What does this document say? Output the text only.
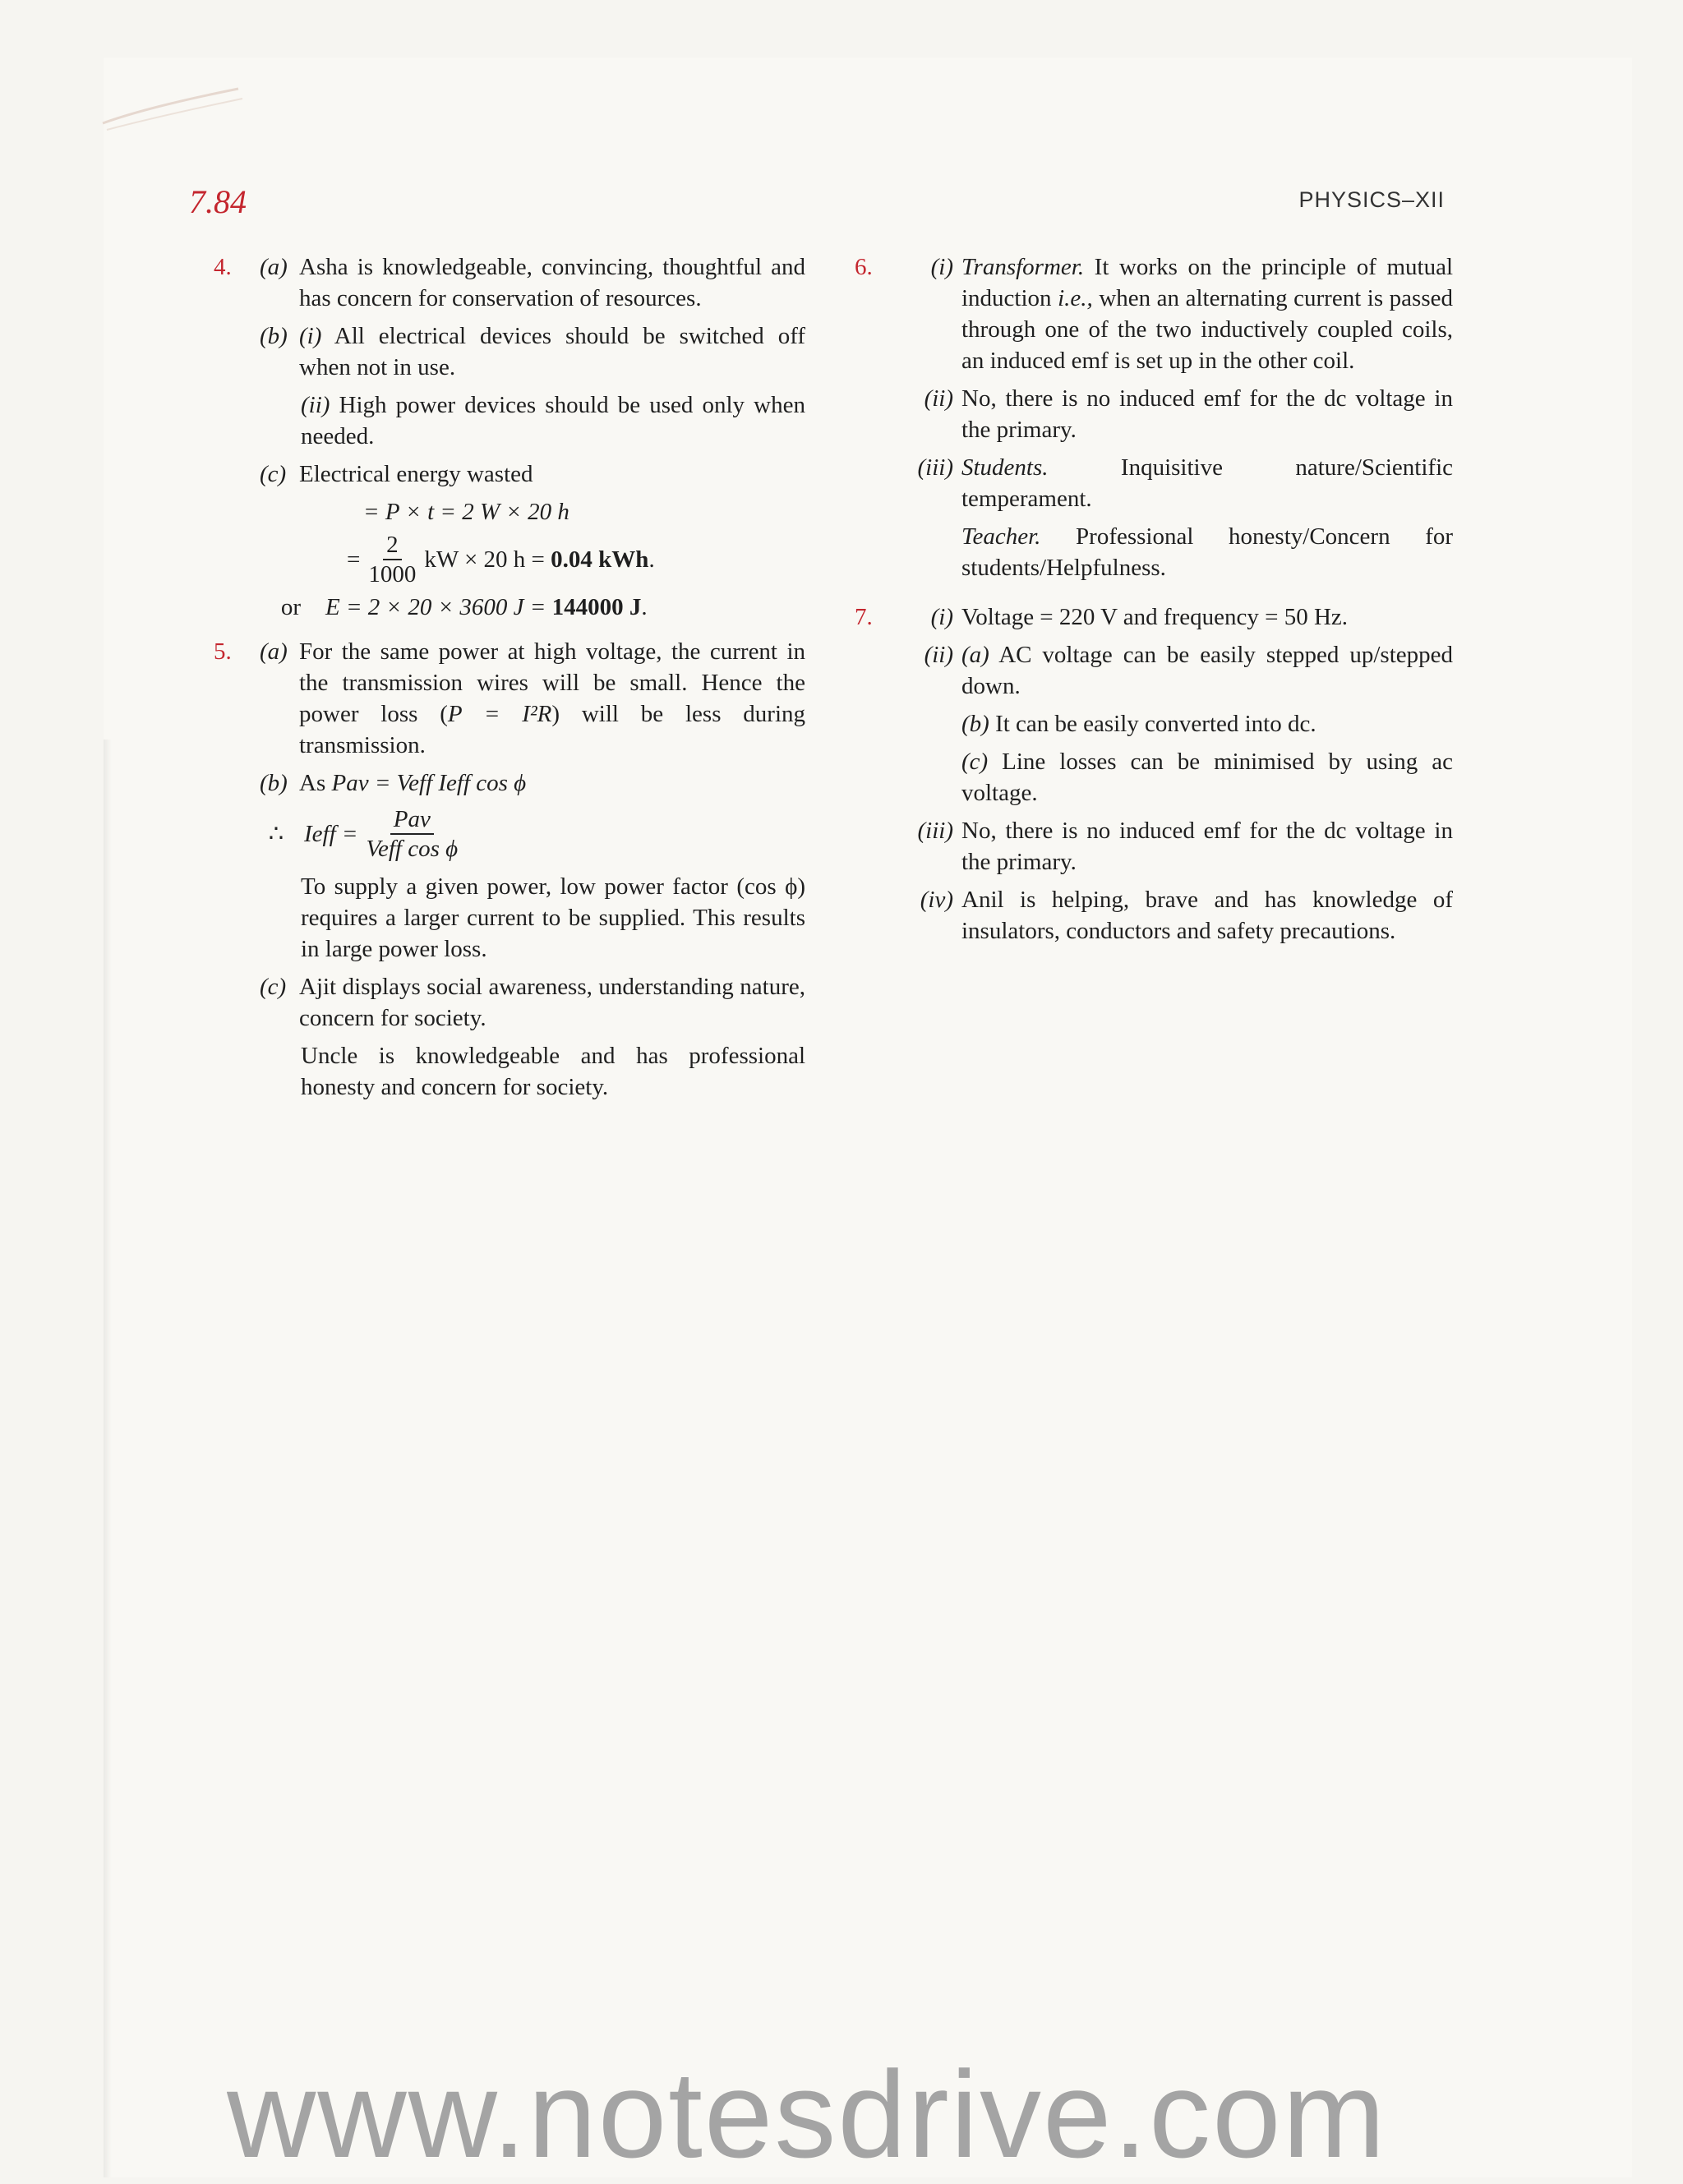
7.84	PHYSICS–XII
4. (a) Asha is knowledgeable, convincing, thoughtful and has concern for conservation of resources.
(b) (i) All electrical devices should be switched off when not in use.
(ii) High power devices should be used only when needed.
(c) Electrical energy wasted
= P × t = 2 W × 20 h
= $\frac{2}{1000}$ kW × 20 h =
0.04 kWh .
or	E = 2 × 20 × 3600 J =
144000 J .
5. (a) For the same power at high voltage, the current in the transmission wires will be small. Hence the power loss (P = I²R) will be less during transmission.
(b) As Pav = Veff Ieff cos ϕ
∴ Ieff = $\frac{\text{Pav}}{\text{Veff cos ϕ}}$
To supply a given power, low power factor (cos ϕ) requires a larger current to be supplied. This results in large power loss.
(c) Ajit displays social awareness, understanding nature, concern for society.
Uncle is knowledgeable and has professional honesty and concern for society.
6.	(i) Transformer. It works on the principle of mutual induction i.e., when an alternating current is passed through one of the two inductively coupled coils, an induced emf is set up in the other coil.
(ii) No, there is no induced emf for the dc voltage in the primary.
(iii) Students.	Inquisitive nature/Scientific temperament.
Teacher. Professional honesty/Concern for students/Helpfulness.
7.	(i) Voltage = 220 V and frequency = 50 Hz.
(ii) (a) AC voltage can be easily stepped up/stepped down.
(b) It can be easily converted into dc.
(c) Line losses can be minimised by using ac voltage.
(iii) No, there is no induced emf for the dc voltage in the primary.
(iv) Anil is helping, brave and has knowledge of insulators, conductors and safety precautions.
www.notesdrive.com
